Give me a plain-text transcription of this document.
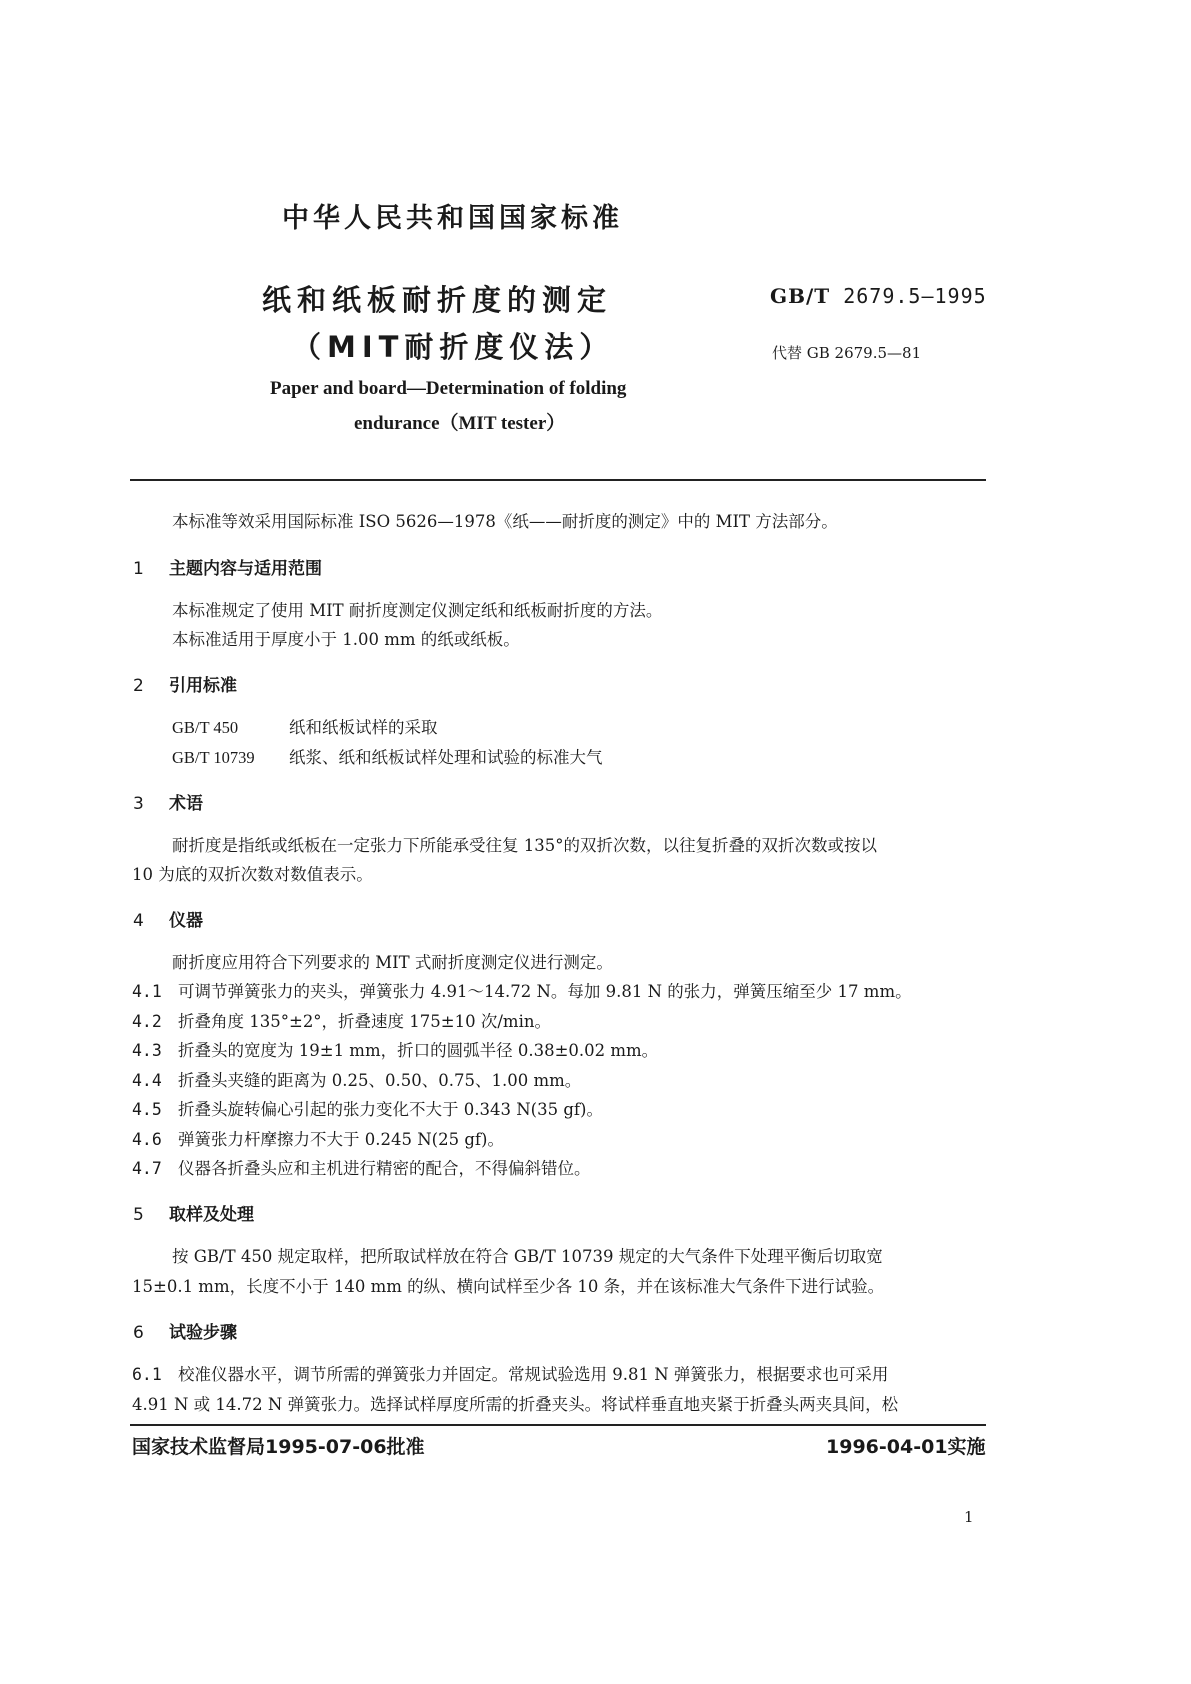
中华人民共和国国家标准
纸和纸板耐折度的测定
（MIT耐折度仪法）
GB/T 2679.5—1995
代替 GB 2679.5—81
Paper and board—Determination of folding
endurance（MIT tester）
本标准等效采用国际标准 ISO 5626—1978《纸——耐折度的测定》中的 MIT 方法部分。
1 主题内容与适用范围
本标准规定了使用 MIT 耐折度测定仪测定纸和纸板耐折度的方法。
本标准适用于厚度小于 1.00 mm 的纸或纸板。
2 引用标准
GB/T 450	纸和纸板试样的采取
GB/T 10739 纸浆、纸和纸板试样处理和试验的标准大气
3 术语
耐折度是指纸或纸板在一定张力下所能承受往复 135°的双折次数，以往复折叠的双折次数或按以
10 为底的双折次数对数值表示。
4 仪器
耐折度应用符合下列要求的 MIT 式耐折度测定仪进行测定。
4.1 可调节弹簧张力的夹头，弹簧张力 4.91～14.72 N。每加 9.81 N 的张力，弹簧压缩至少 17 mm。
4.2 折叠角度 135°±2°，折叠速度 175±10 次/min。
4.3 折叠头的宽度为 19±1 mm，折口的圆弧半径 0.38±0.02 mm。
4.4 折叠头夹缝的距离为 0.25、0.50、0.75、1.00 mm。
4.5 折叠头旋转偏心引起的张力变化不大于 0.343 N(35 gf)。
4.6 弹簧张力杆摩擦力不大于 0.245 N(25 gf)。
4.7 仪器各折叠头应和主机进行精密的配合，不得偏斜错位。
5 取样及处理
按 GB/T 450 规定取样，把所取试样放在符合 GB/T 10739 规定的大气条件下处理平衡后切取宽
15±0.1 mm，长度不小于 140 mm 的纵、横向试样至少各 10 条，并在该标准大气条件下进行试验。
6 试验步骤
6.1 校准仪器水平，调节所需的弹簧张力并固定。常规试验选用 9.81 N 弹簧张力，根据要求也可采用
4.91 N 或 14.72 N 弹簧张力。选择试样厚度所需的折叠夹头。将试样垂直地夹紧于折叠头两夹具间，松
国家技术监督局1995-07-06批准	1996-04-01实施
1
